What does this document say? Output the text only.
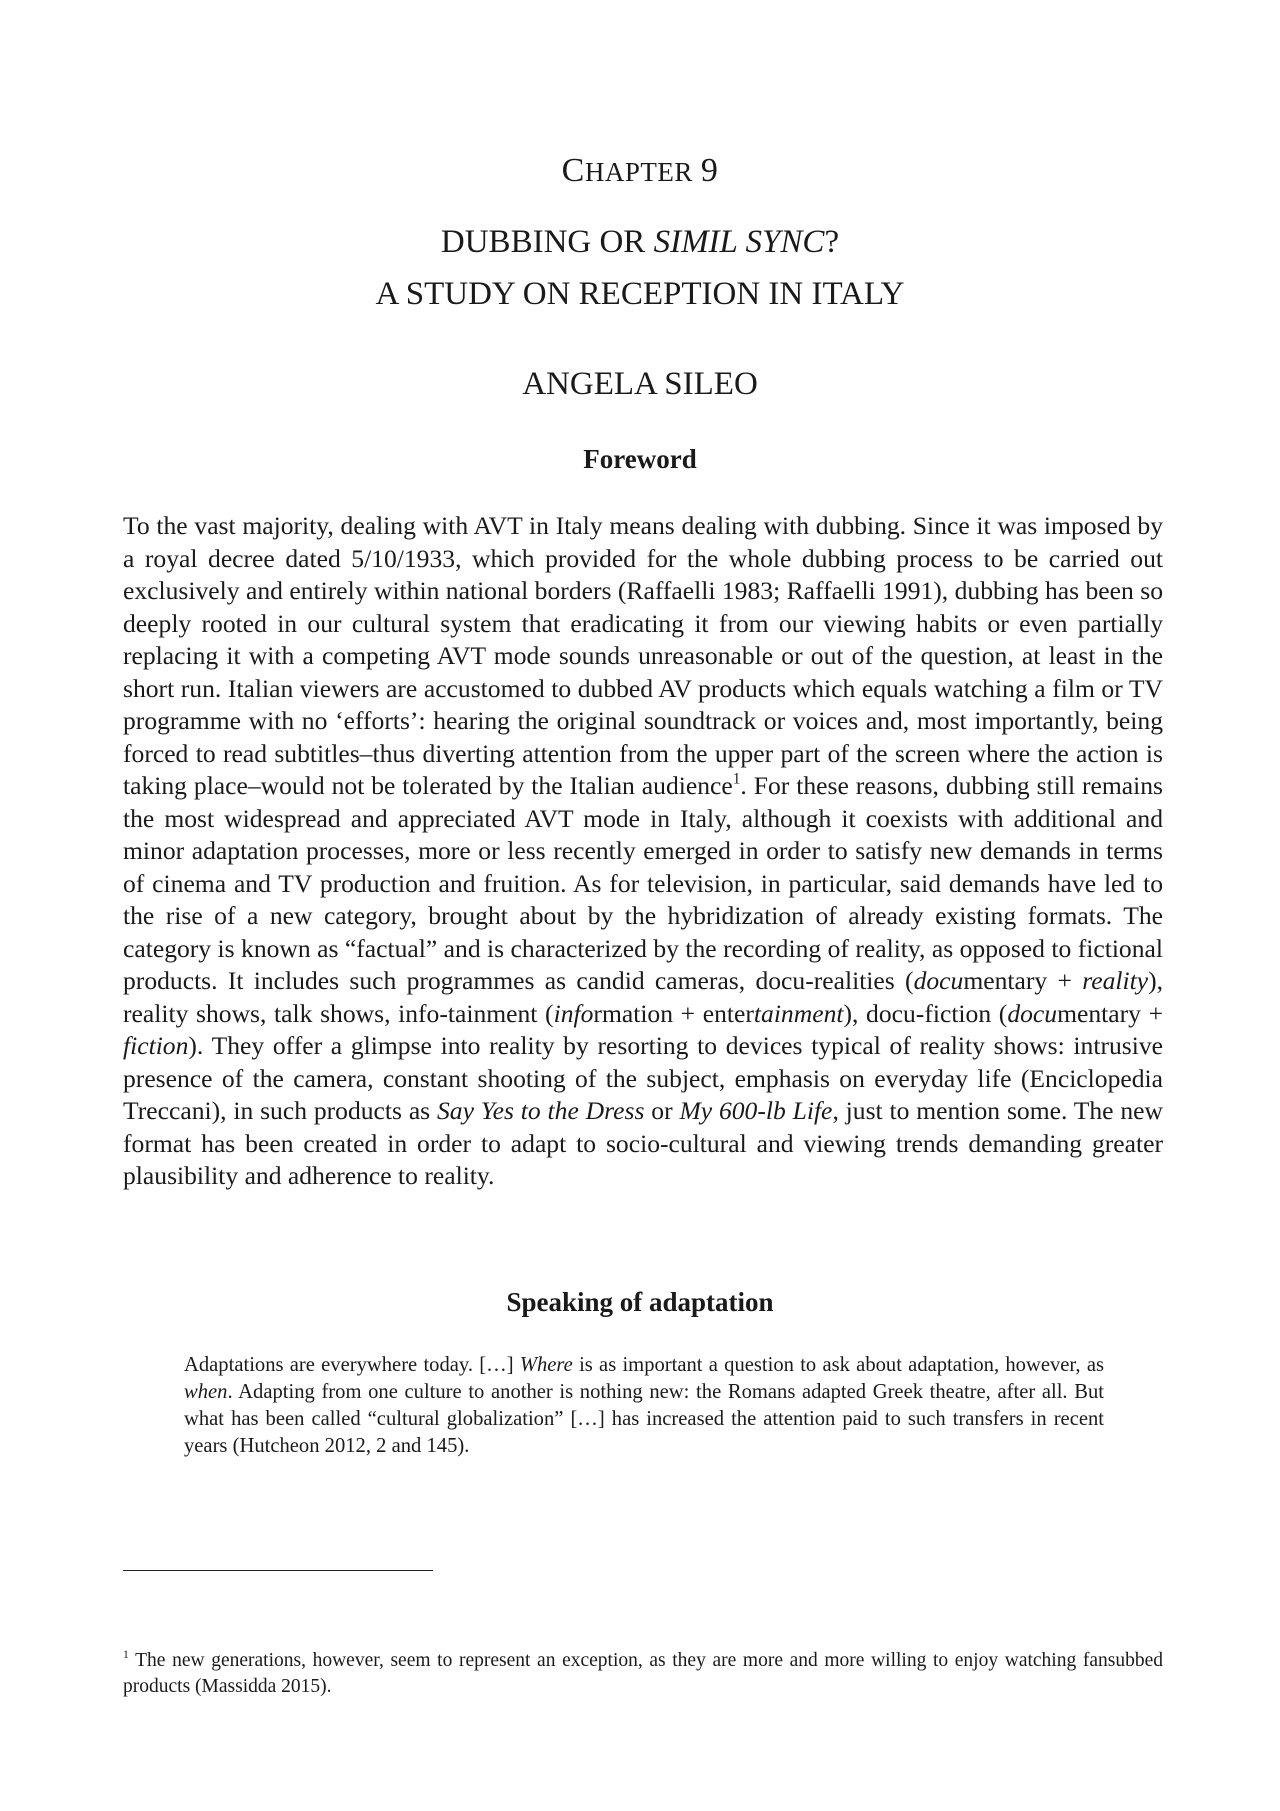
CHAPTER 9
DUBBING OR SIMIL SYNC?
A STUDY ON RECEPTION IN ITALY
ANGELA SILEO
Foreword

To the vast majority, dealing with AVT in Italy means dealing with dubbing. Since it was imposed by a royal decree dated 5/10/1933, which provided for the whole dubbing process to be carried out exclusively and entirely within national borders (Raffaelli 1983; Raffaelli 1991), dubbing has been so deeply rooted in our cultural system that eradicating it from our viewing habits or even partially replacing it with a competing AVT mode sounds unreasonable or out of the question, at least in the short run. Italian viewers are accustomed to dubbed AV products which equals watching a film or TV programme with no ‘efforts’: hearing the original soundtrack or voices and, most importantly, being forced to read subtitles–thus diverting attention from the upper part of the screen where the action is taking place–would not be tolerated by the Italian audience$^1$. For these reasons, dubbing still remains the most widespread and appreciated AVT mode in Italy, although it coexists with additional and minor adaptation processes, more or less recently emerged in order to satisfy new demands in terms of cinema and TV production and fruition. As for television, in particular, said demands have led to the rise of a new category, brought about by the hybridization of already existing formats. The category is known as “factual” and is characterized by the recording of reality, as opposed to fictional products. It includes such programmes as candid cameras, docu-realities (documentary + reality), reality shows, talk shows, info-tainment (information + entertainment), docu-fiction (documentary + fiction). They offer a glimpse into reality by resorting to devices typical of reality shows: intrusive presence of the camera, constant shooting of the subject, emphasis on everyday life (Enciclopedia Treccani), in such products as Say Yes to the Dress or My 600-lb Life, just to mention some. The new format has been created in order to adapt to socio-cultural and viewing trends demanding greater plausibility and adherence to reality.

Speaking of adaptation

Adaptations are everywhere today. […] Where is as important a question to ask about adaptation, however, as when. Adapting from one culture to another is nothing new: the Romans adapted Greek theatre, after all. But what has been called “cultural globalization” […] has increased the attention paid to such transfers in recent years (Hutcheon 2012, 2 and 145).

$^1$ The new generations, however, seem to represent an exception, as they are more and more willing to enjoy watching fansubbed products (Massidda 2015).
